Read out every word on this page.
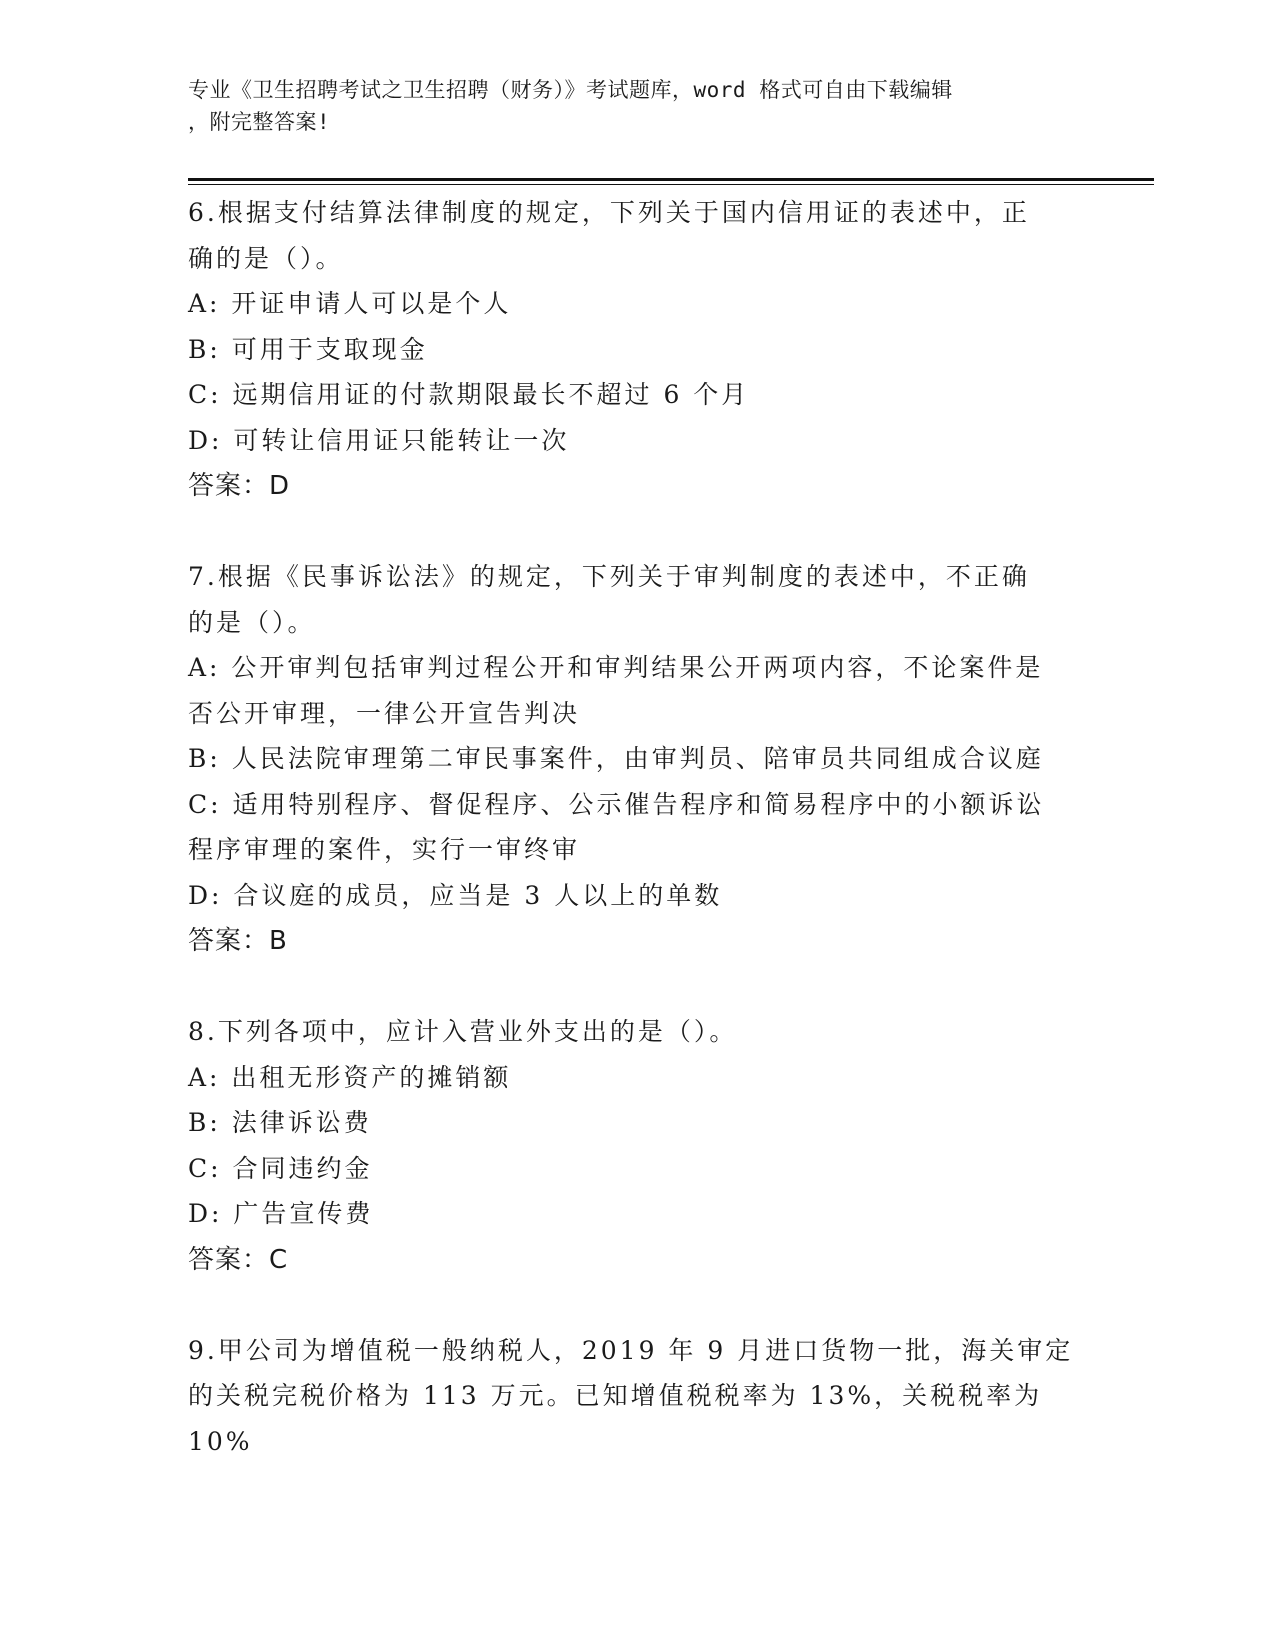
专业《卫生招聘考试之卫生招聘（财务）》考试题库，word 格式可自由下载编辑
，附完整答案!
6.根据支付结算法律制度的规定，下列关于国内信用证的表述中，正
确的是（）。
A: 开证申请人可以是个人
B: 可用于支取现金
C: 远期信用证的付款期限最长不超过 6 个月
D: 可转让信用证只能转让一次
答案：D
7.根据《民事诉讼法》的规定，下列关于审判制度的表述中，不正确
的是（）。
A: 公开审判包括审判过程公开和审判结果公开两项内容，不论案件是
否公开审理，一律公开宣告判决
B: 人民法院审理第二审民事案件，由审判员、陪审员共同组成合议庭
C: 适用特别程序、督促程序、公示催告程序和简易程序中的小额诉讼
程序审理的案件，实行一审终审
D: 合议庭的成员，应当是 3 人以上的单数
答案：B
8.下列各项中，应计入营业外支出的是（）。
A: 出租无形资产的摊销额
B: 法律诉讼费
C: 合同违约金
D: 广告宣传费
答案：C
9.甲公司为增值税一般纳税人，2019 年 9 月进口货物一批，海关审定
的关税完税价格为 113 万元。已知增值税税率为 13%，关税税率为 10%
